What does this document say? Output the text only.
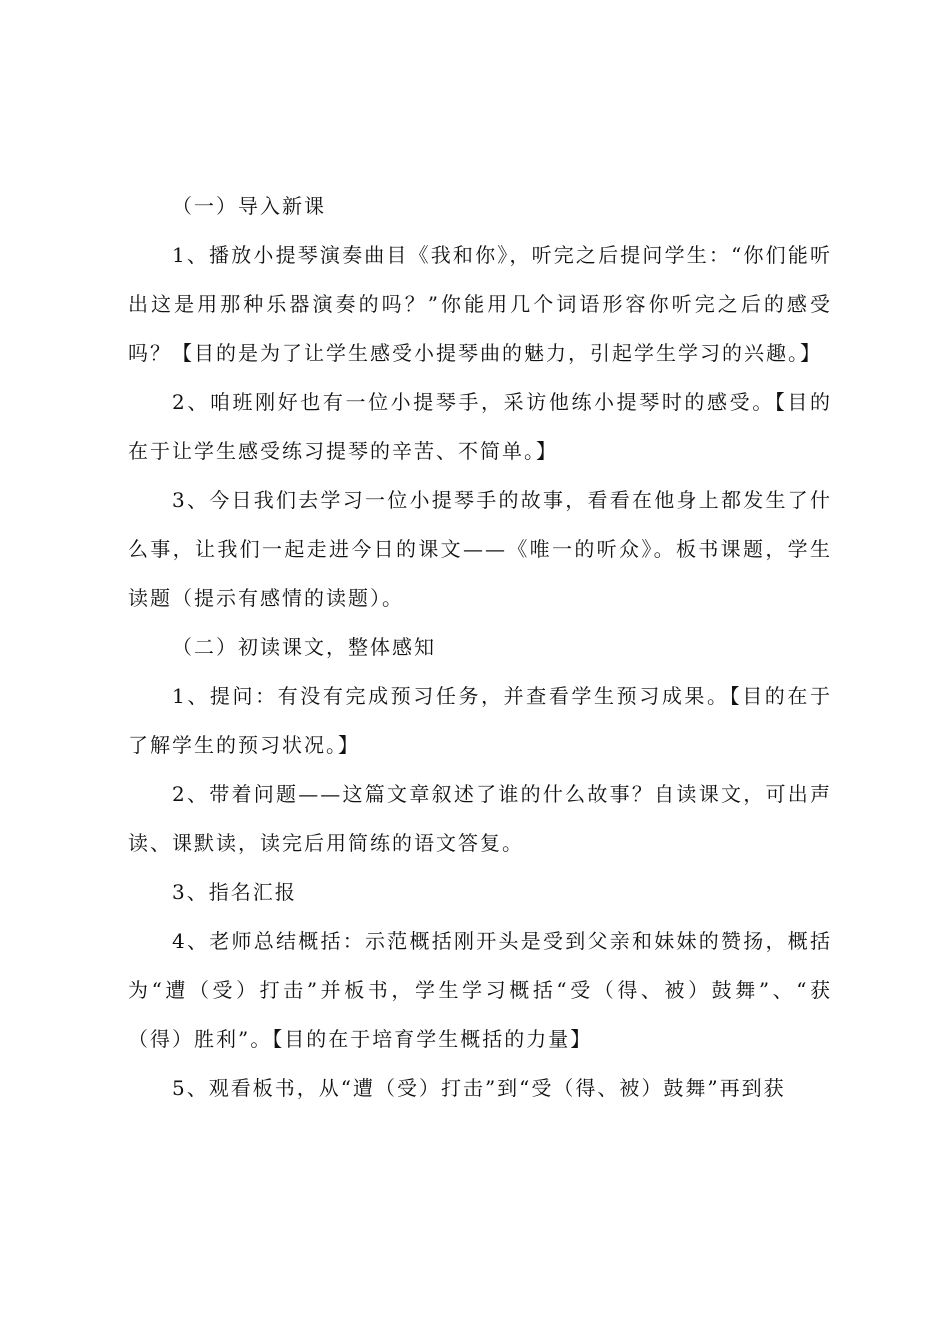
（一）导入新课

1、播放小提琴演奏曲目《我和你》，听完之后提问学生：“你们能听出这是用那种乐器演奏的吗？”你能用几个词语形容你听完之后的感受吗？【目的是为了让学生感受小提琴曲的魅力，引起学生学习的兴趣。】

2、咱班刚好也有一位小提琴手，采访他练小提琴时的感受。【目的在于让学生感受练习提琴的辛苦、不简单。】

3、今日我们去学习一位小提琴手的故事，看看在他身上都发生了什么事，让我们一起走进今日的课文——《唯一的听众》。板书课题，学生读题（提示有感情的读题）。

（二）初读课文，整体感知

1、提问：有没有完成预习任务，并查看学生预习成果。【目的在于了解学生的预习状况。】

2、带着问题——这篇文章叙述了谁的什么故事？自读课文，可出声读、课默读，读完后用简练的语文答复。

3、指名汇报

4、老师总结概括：示范概括刚开头是受到父亲和妹妹的赞扬，概括为“遭（受）打击”并板书，学生学习概括“受（得、被）鼓舞”、“获（得）胜利”。【目的在于培育学生概括的力量】

5、观看板书，从“遭（受）打击”到“受（得、被）鼓舞”再到获
